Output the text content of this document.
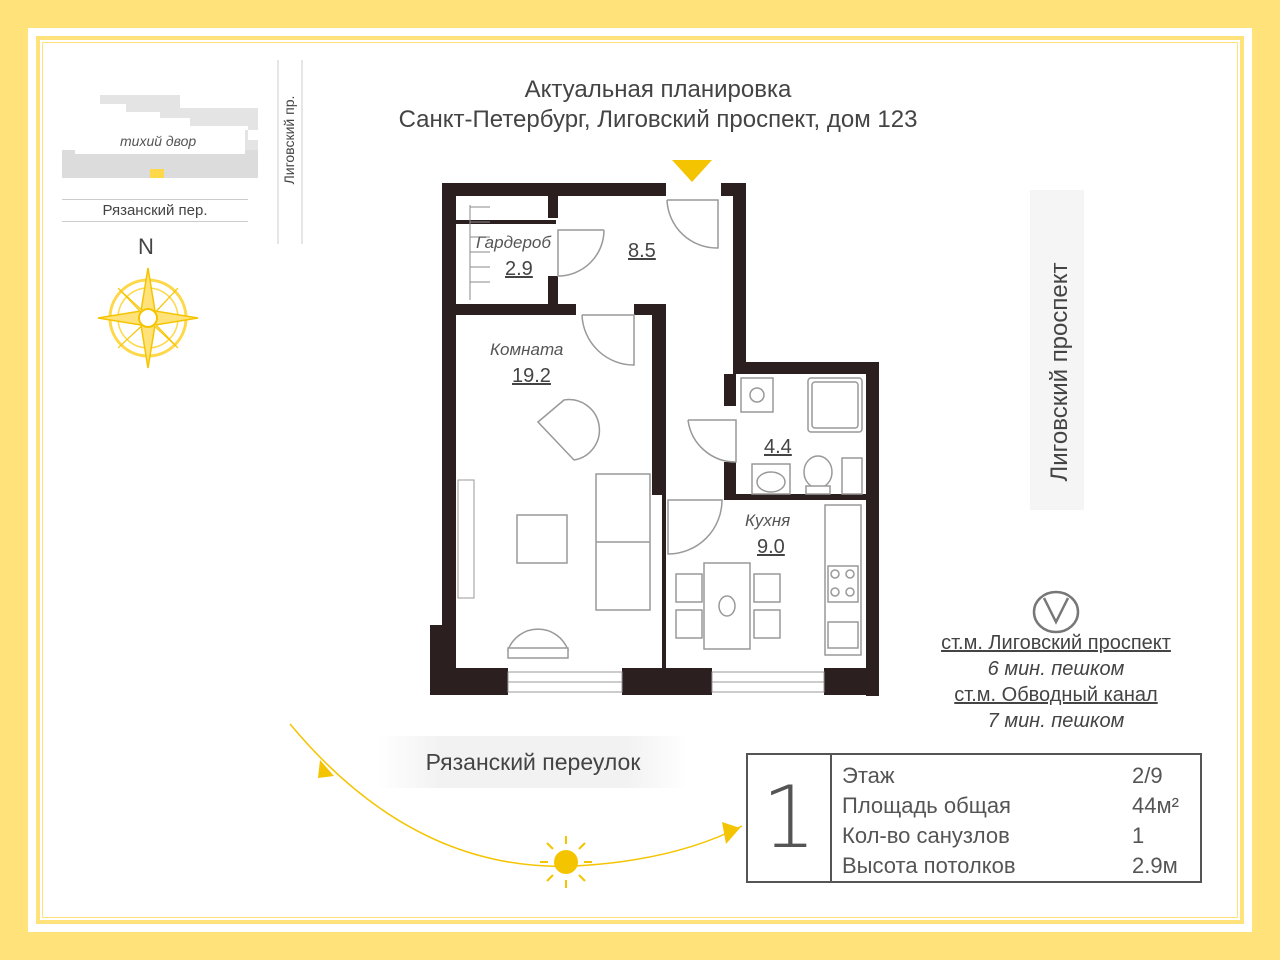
Актуальная планировка
Санкт-Петербург, Лиговский проспект, дом 123
Лиговский проспект
Лиговский пр.
тихий двор
Рязанский пер.
N
Рязанский переулок
Гардероб
2.9
8.5
Комната
19.2
4.4
Кухня
9.0
ст.м. Лиговский проспект
6 мин. пешком
ст.м. Обводный канал
7 мин. пешком
1	Этаж	2/9
Площадь общая	44м²
Кол-во санузлов	1
Высота потолков	2.9м
Домклик
